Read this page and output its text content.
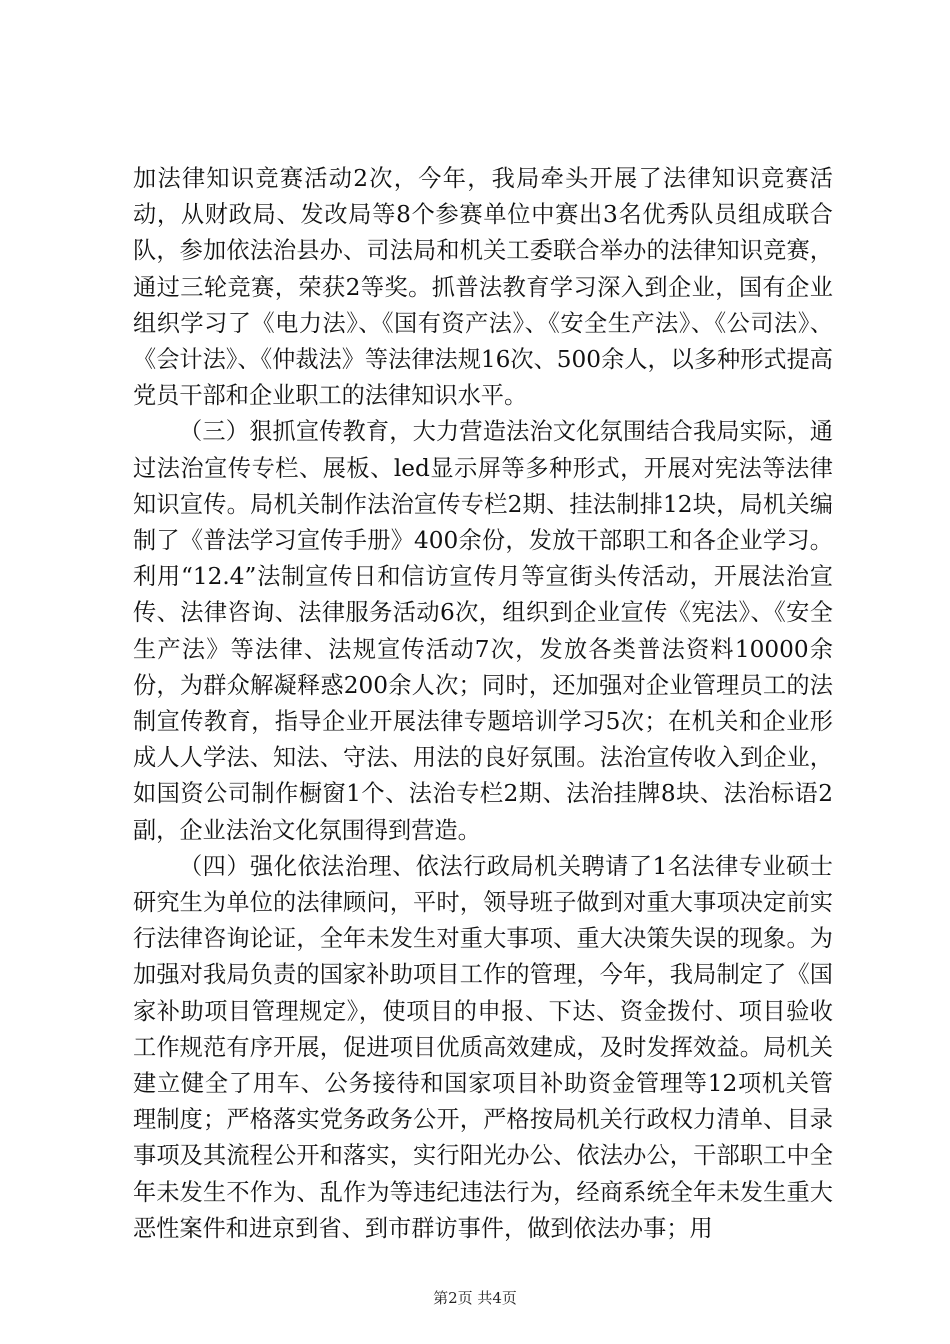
加法律知识竞赛活动2次，今年，我局牵头开展了法律知识竞赛活动，从财政局、发改局等8个参赛单位中赛出3名优秀队员组成联合队，参加依法治县办、司法局和机关工委联合举办的法律知识竞赛，通过三轮竞赛，荣获2等奖。抓普法教育学习深入到企业，国有企业组织学习了《电力法》、《国有资产法》、《安全生产法》、《公司法》、《会计法》、《仲裁法》等法律法规16次、500余人，以多种形式提高党员干部和企业职工的法律知识水平。

（三）狠抓宣传教育，大力营造法治文化氛围结合我局实际，通过法治宣传专栏、展板、led显示屏等多种形式，开展对宪法等法律知识宣传。局机关制作法治宣传专栏2期、挂法制排12块，局机关编制了《普法学习宣传手册》400余份，发放干部职工和各企业学习。利用“12.4”法制宣传日和信访宣传月等宣街头传活动，开展法治宣传、法律咨询、法律服务活动6次，组织到企业宣传《宪法》、《安全生产法》等法律、法规宣传活动7次，发放各类普法资料10000余份，为群众解凝释惑200余人次；同时，还加强对企业管理员工的法制宣传教育，指导企业开展法律专题培训学习5次；在机关和企业形成人人学法、知法、守法、用法的良好氛围。法治宣传收入到企业，如国资公司制作橱窗1个、法治专栏2期、法治挂牌8块、法治标语2副，企业法治文化氛围得到营造。

（四）强化依法治理、依法行政局机关聘请了1名法律专业硕士研究生为单位的法律顾问，平时，领导班子做到对重大事项决定前实行法律咨询论证，全年未发生对重大事项、重大决策失误的现象。为加强对我局负责的国家补助项目工作的管理，今年，我局制定了《国家补助项目管理规定》，使项目的申报、下达、资金拨付、项目验收工作规范有序开展，促进项目优质高效建成，及时发挥效益。局机关建立健全了用车、公务接待和国家项目补助资金管理等12项机关管理制度；严格落实党务政务公开，严格按局机关行政权力清单、目录事项及其流程公开和落实，实行阳光办公、依法办公，干部职工中全年未发生不作为、乱作为等违纪违法行为，经商系统全年未发生重大恶性案件和进京到省、到市群访事件，做到依法办事；用

第2页 共4页
